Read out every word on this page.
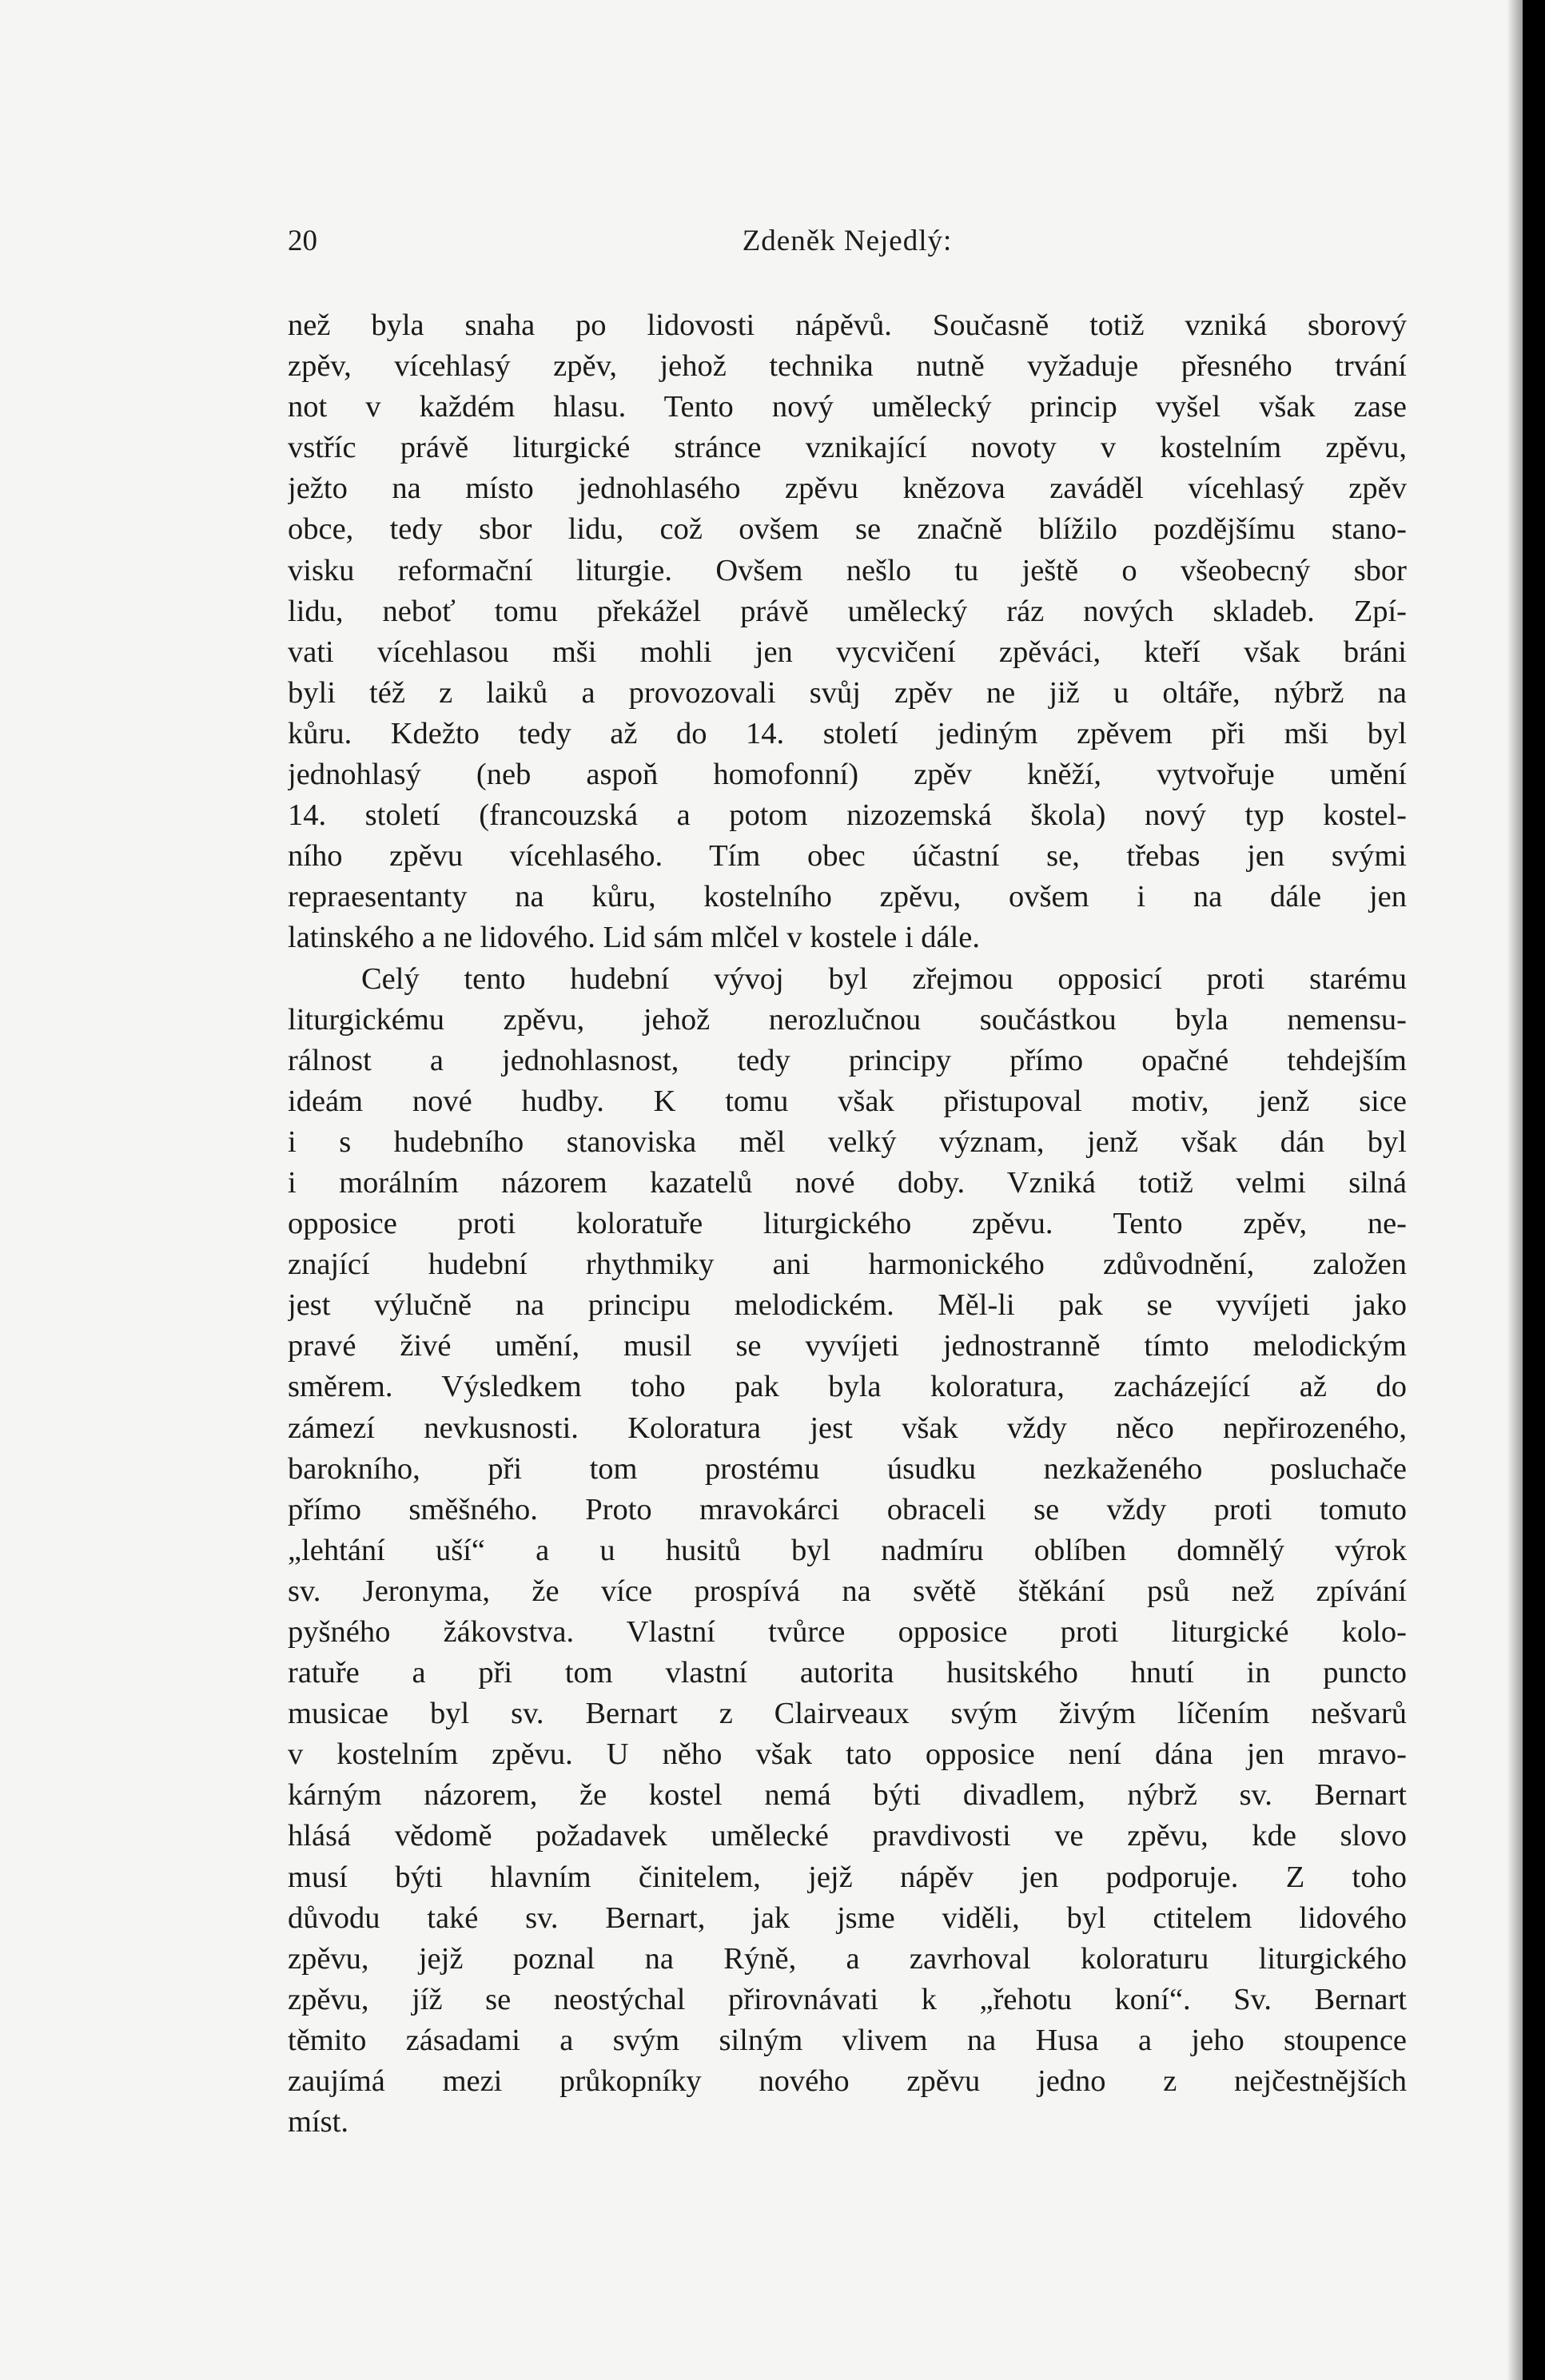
20	Zdeněk Nejedlý:
než byla snaha po lidovosti nápěvů. Současně totiž vzniká sborový
zpěv, vícehlasý zpěv, jehož technika nutně vyžaduje přesného trvání
not v každém hlasu. Tento nový umělecký princip vyšel však zase
vstříc právě liturgické stránce vznikající novoty v kostelním zpěvu,
ježto na místo jednohlasého zpěvu knězova zaváděl vícehlasý zpěv
obce, tedy sbor lidu, což ovšem se značně blížilo pozdějšímu stano-
visku reformační liturgie. Ovšem nešlo tu ještě o všeobecný sbor
lidu, neboť tomu překážel právě umělecký ráz nových skladeb. Zpí-
vati vícehlasou mši mohli jen vycvičení zpěváci, kteří však bráni
byli též z laiků a provozovali svůj zpěv ne již u oltáře, nýbrž na
kůru. Kdežto tedy až do 14. století jediným zpěvem při mši byl
jednohlasý (neb aspoň homofonní) zpěv kněží, vytvořuje umění
14. století (francouzská a potom nizozemská škola) nový typ kostel-
ního zpěvu vícehlasého. Tím obec účastní se, třebas jen svými
repraesentanty na kůru, kostelního zpěvu, ovšem i na dále jen
latinského a ne lidového. Lid sám mlčel v kostele i dále.
Celý tento hudební vývoj byl zřejmou opposicí proti starému
liturgickému zpěvu, jehož nerozlučnou součástkou byla nemensu-
rálnost a jednohlasnost, tedy principy přímo opačné tehdejším
ideám nové hudby. K tomu však přistupoval motiv, jenž sice
i s hudebního stanoviska měl velký význam, jenž však dán byl
i morálním názorem kazatelů nové doby. Vzniká totiž velmi silná
opposice proti koloratuře liturgického zpěvu. Tento zpěv, ne-
znající hudební rhythmiky ani harmonického zdůvodnění, založen
jest výlučně na principu melodickém. Měl-li pak se vyvíjeti jako
pravé živé umění, musil se vyvíjeti jednostranně tímto melodickým
směrem. Výsledkem toho pak byla koloratura, zacházející až do
zámezí nevkusnosti. Koloratura jest však vždy něco nepřirozeného,
barokního, při tom prostému úsudku nezkaženého posluchače
přímo směšného. Proto mravokárci obraceli se vždy proti tomuto
„lehtání uší“ a u husitů byl nadmíru oblíben domnělý výrok
sv. Jeronyma, že více prospívá na světě štěkání psů než zpívání
pyšného žákovstva. Vlastní tvůrce opposice proti liturgické kolo-
ratuře a při tom vlastní autorita husitského hnutí in puncto
musicae byl sv. Bernart z Clairveaux svým živým líčením nešvarů
v kostelním zpěvu. U něho však tato opposice není dána jen mravo-
kárným názorem, že kostel nemá býti divadlem, nýbrž sv. Bernart
hlásá vědomě požadavek umělecké pravdivosti ve zpěvu, kde slovo
musí býti hlavním činitelem, jejž nápěv jen podporuje. Z toho
důvodu také sv. Bernart, jak jsme viděli, byl ctitelem lidového
zpěvu, jejž poznal na Rýně, a zavrhoval koloraturu liturgického
zpěvu, jíž se neostýchal přirovnávati k „řehotu koní“. Sv. Bernart
těmito zásadami a svým silným vlivem na Husa a jeho stoupence
zaujímá mezi průkopníky nového zpěvu jedno z nejčestnějších
míst.
